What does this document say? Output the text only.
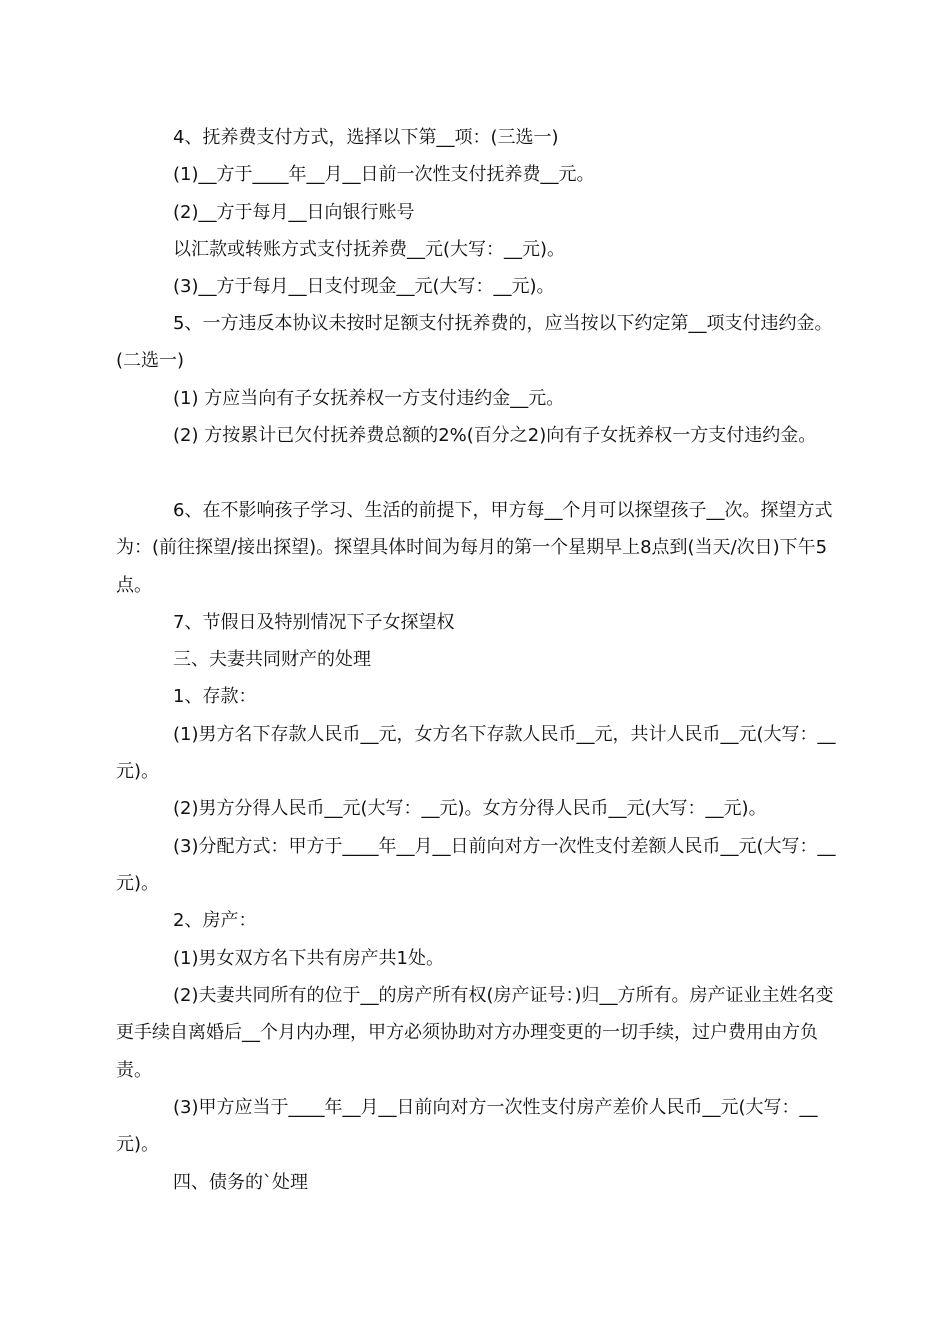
4、抚养费支付方式，选择以下第__项：(三选一)

(1)__方于____年__月__日前一次性支付抚养费__元。

(2)__方于每月__日向银行账号

以汇款或转账方式支付抚养费__元(大写：__元)。

(3)__方于每月__日支付现金__元(大写：__元)。

5、一方违反本协议未按时足额支付抚养费的，应当按以下约定第__项支付违约金。(二选一)

(1) 方应当向有子女抚养权一方支付违约金__元。

(2) 方按累计已欠付抚养费总额的2%(百分之2)向有子女抚养权一方支付违约金。

6、在不影响孩子学习、生活的前提下，甲方每__个月可以探望孩子__次。探望方式为：(前往探望/接出探望)。探望具体时间为每月的第一个星期早上8点到(当天/次日)下午5点。

7、节假日及特别情况下子女探望权

三、夫妻共同财产的处理

1、存款：

(1)男方名下存款人民币__元，女方名下存款人民币__元，共计人民币__元(大写：__元)。

(2)男方分得人民币__元(大写：__元)。女方分得人民币__元(大写：__元)。

(3)分配方式：甲方于____年__月__日前向对方一次性支付差额人民币__元(大写：__元)。

2、房产：

(1)男女双方名下共有房产共1处。

(2)夫妻共同所有的位于__的房产所有权(房产证号：)归__方所有。房产证业主姓名变更手续自离婚后__个月内办理，甲方必须协助对方办理变更的一切手续，过户费用由方负责。

(3)甲方应当于____年__月__日前向对方一次性支付房产差价人民币__元(大写：__元)。

四、债务的`处理
